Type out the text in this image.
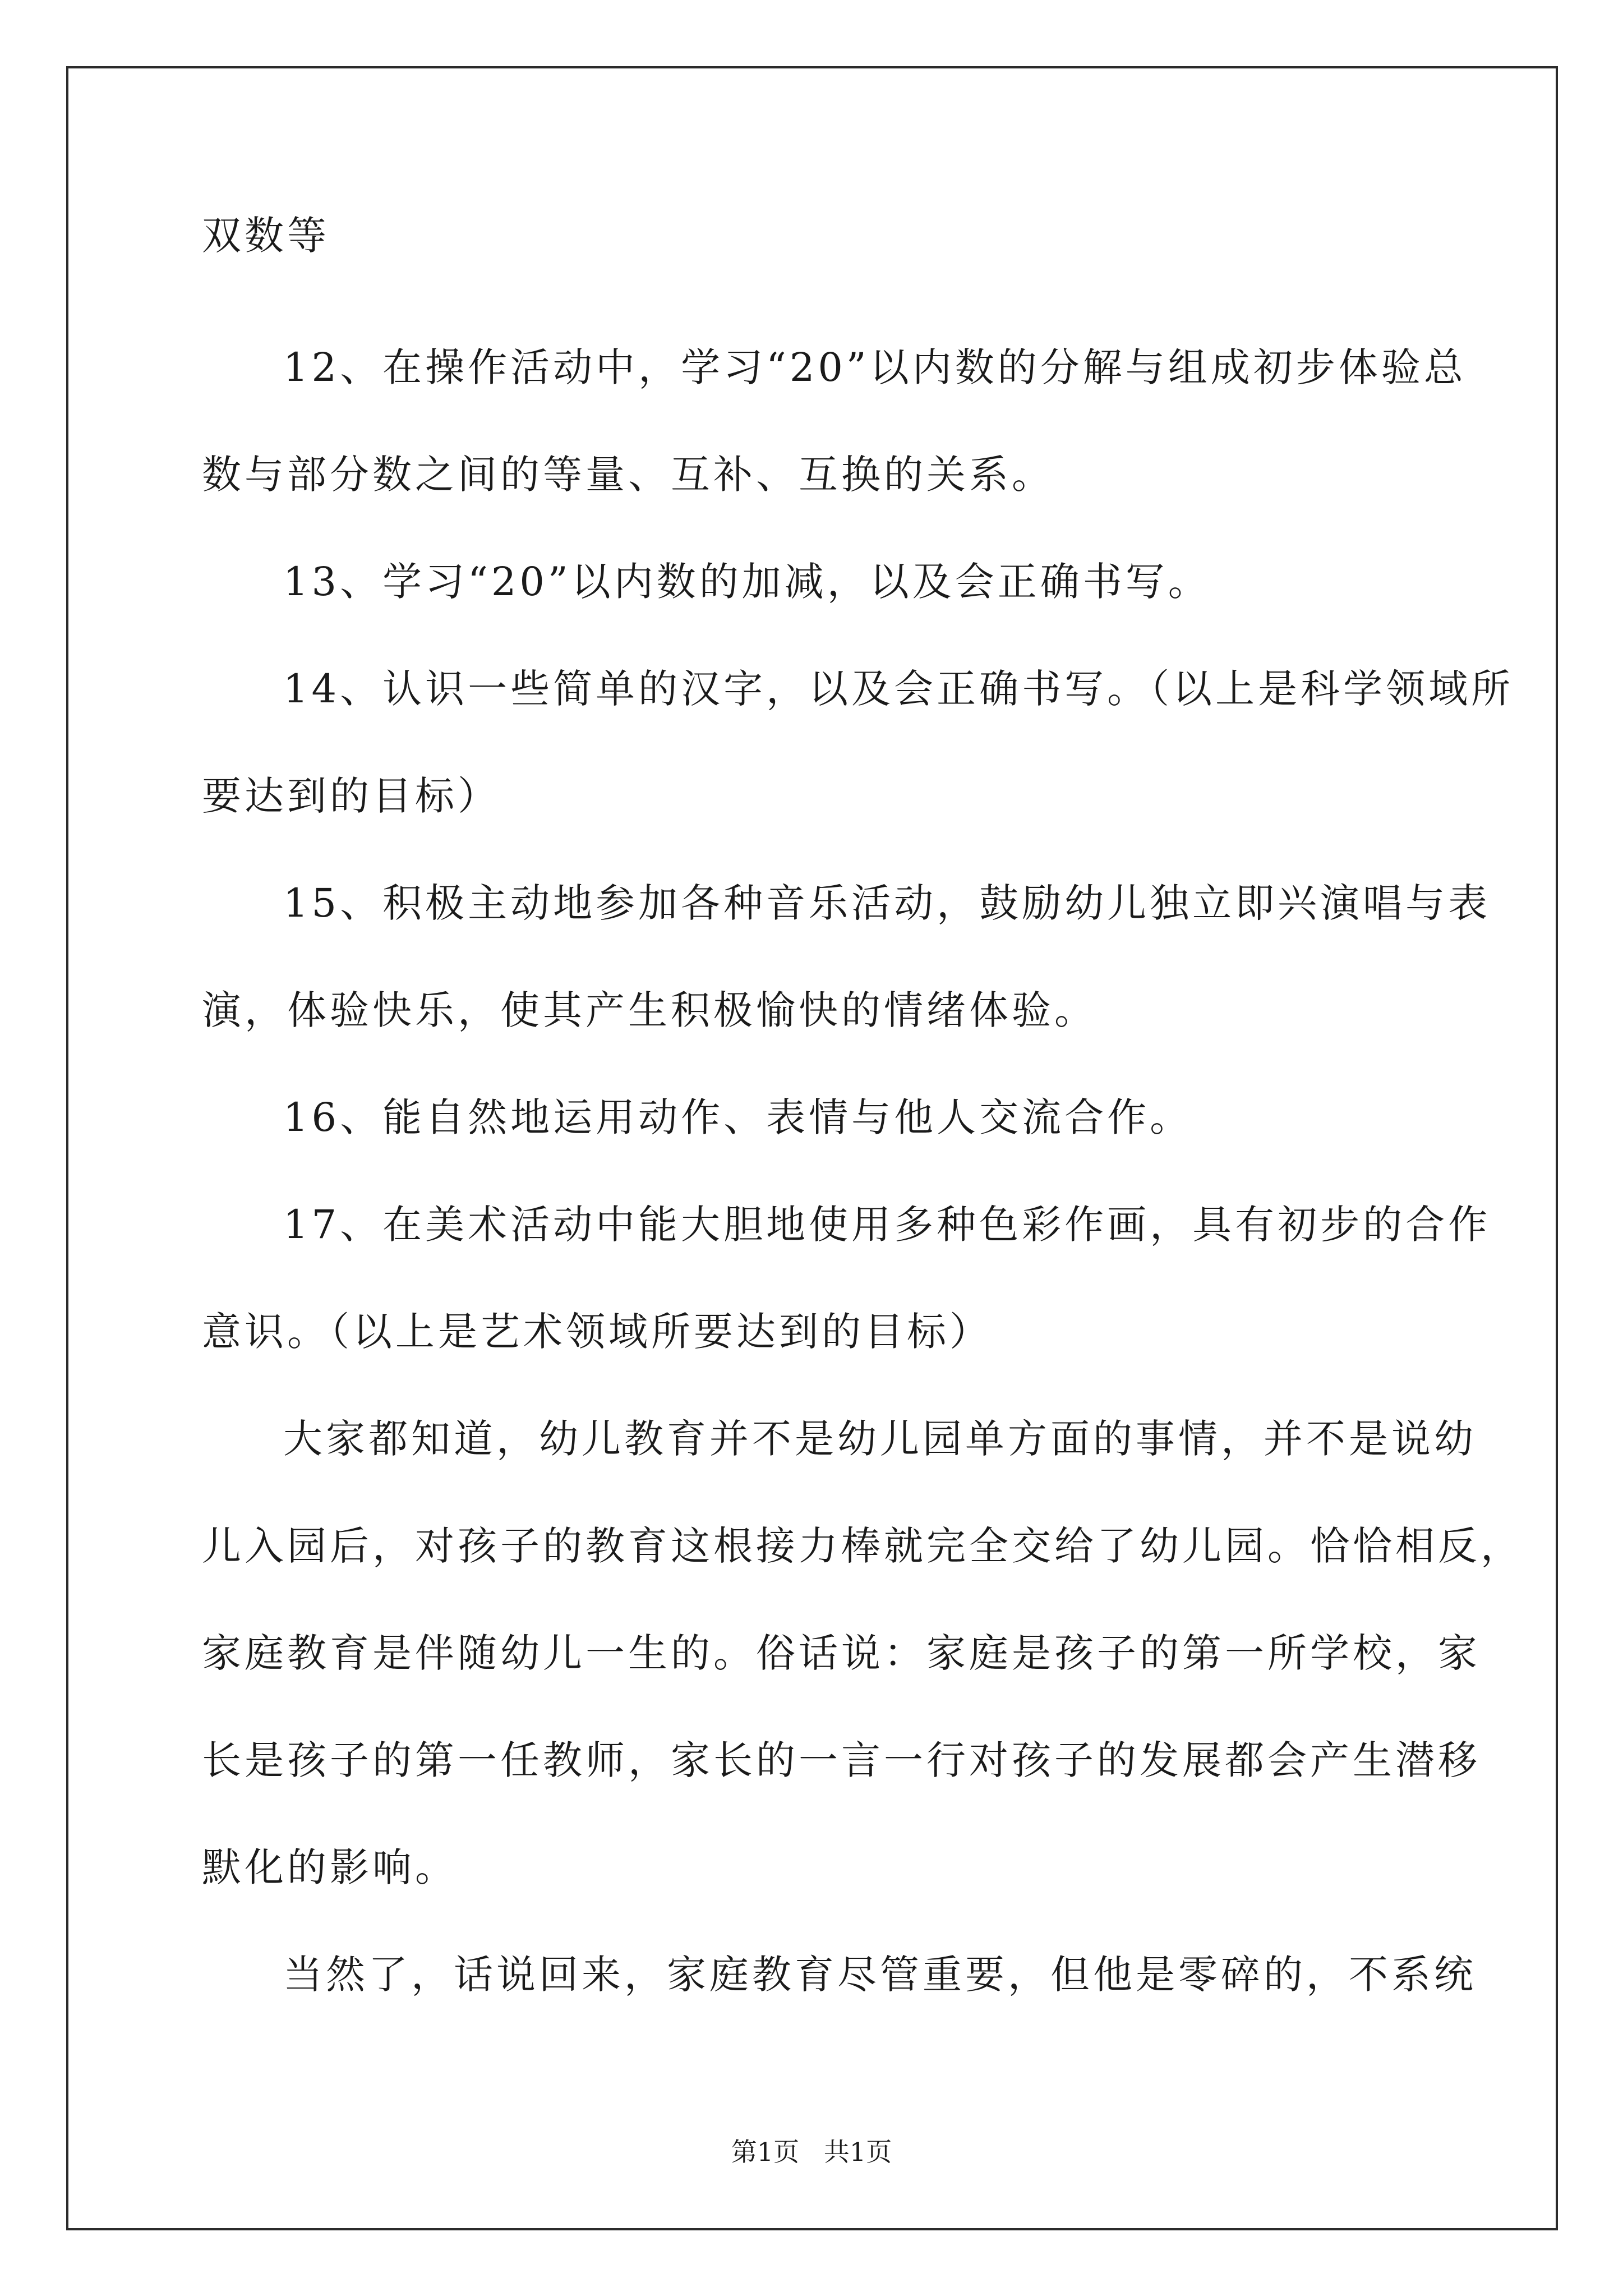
双数等
12、在操作活动中，学习“20”以内数的分解与组成初步体验总
数与部分数之间的等量、互补、互换的关系。
13、学习“20”以内数的加减，以及会正确书写。
14、认识一些简单的汉字，以及会正确书写。（以上是科学领域所
要达到的目标）
15、积极主动地参加各种音乐活动，鼓励幼儿独立即兴演唱与表
演，体验快乐，使其产生积极愉快的情绪体验。
16、能自然地运用动作、表情与他人交流合作。
17、在美术活动中能大胆地使用多种色彩作画，具有初步的合作
意识。（以上是艺术领域所要达到的目标）
大家都知道，幼儿教育并不是幼儿园单方面的事情，并不是说幼
儿入园后，对孩子的教育这根接力棒就完全交给了幼儿园。恰恰相反，
家庭教育是伴随幼儿一生的。俗话说：家庭是孩子的第一所学校，家
长是孩子的第一任教师，家长的一言一行对孩子的发展都会产生潜移
默化的影响。
当然了，话说回来，家庭教育尽管重要，但他是零碎的，不系统
第1页   共1页
